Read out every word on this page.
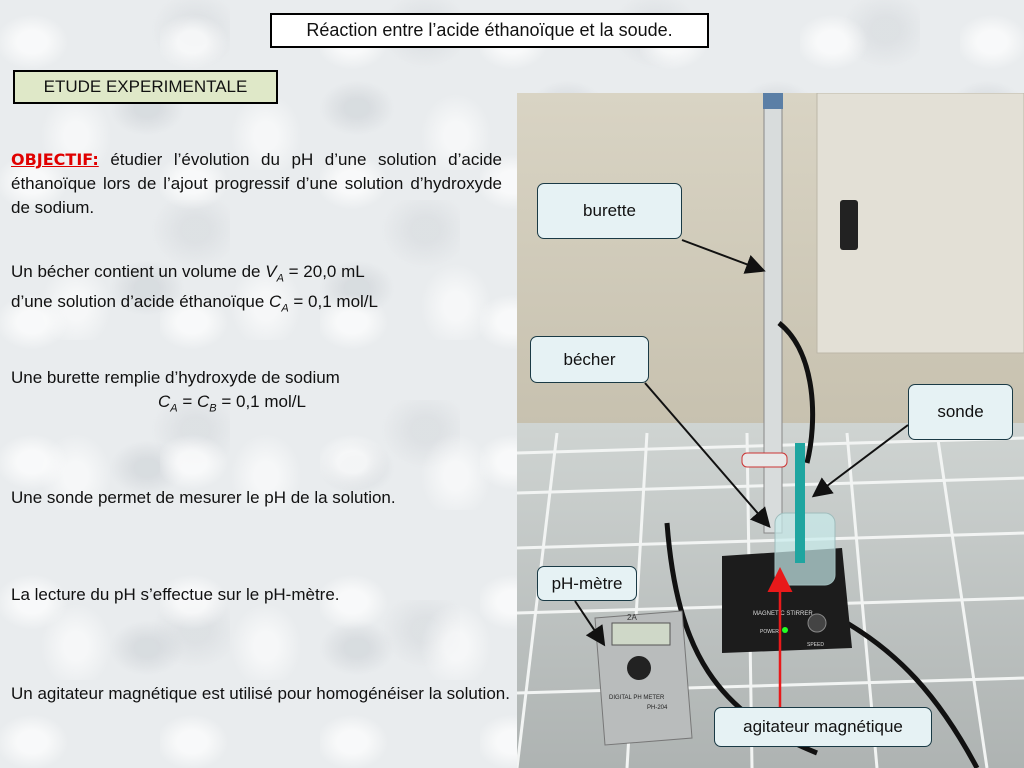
Réaction entre l’acide éthanoïque et la soude.
ETUDE EXPERIMENTALE
OBJECTIF: étudier l’évolution du pH d’une solution d’acide éthanoïque lors de l’ajout progressif d’une solution d’hydroxyde de sodium.
Un bécher contient un volume de $V_A = 20,0$ mL
d’une solution d’acide éthanoïque $C_A = 0,1$ mol/L
Une burette remplie d’hydroxyde de sodium

$C_A = C_B = 0,1$ mol/L
Une sonde permet de mesurer le pH de la solution.
La lecture du pH s’effectue sur le pH-mètre.
Un agitateur magnétique est utilisé pour homogénéiser la solution.
MAGNETIC STIRRER
POWER
SPEED
2A
DIGITAL PH METER
PH-204
burette
bécher
sonde
pH-mètre
agitateur magnétique
